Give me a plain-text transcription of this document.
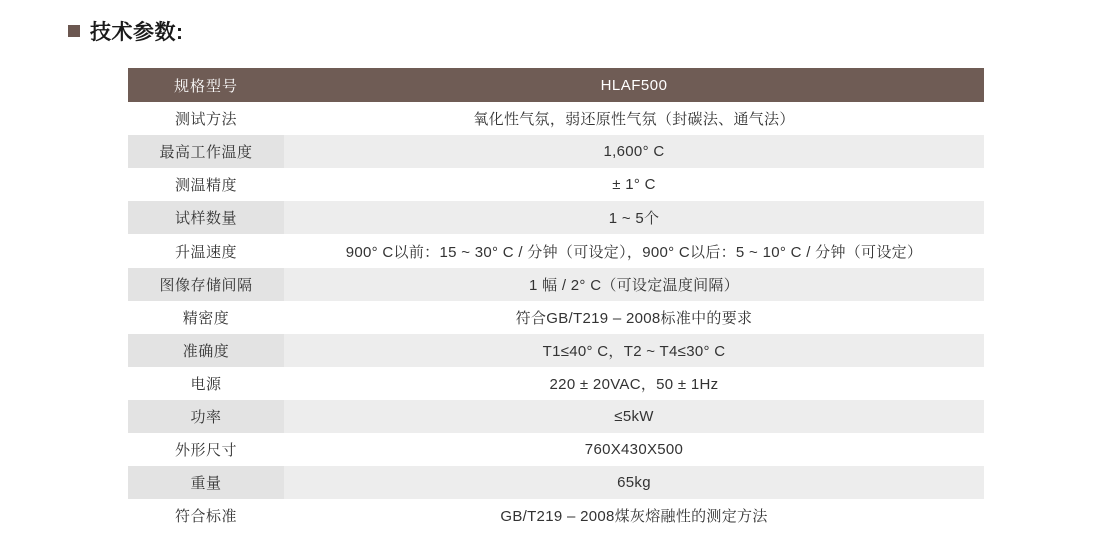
技术参数:
规格型号	HLAF500
测试方法	氧化性气氛，弱还原性气氛（封碳法、通气法）
最高工作温度	1,600° C
测温精度	± 1° C
试样数量	1 ~ 5个
升温速度	900° C以前：15 ~ 30° C / 分钟（可设定），900° C以后：5 ~ 10° C / 分钟（可设定）
图像存储间隔	1 幅 / 2° C（可设定温度间隔）
精密度	符合GB/T219 – 2008标准中的要求
准确度	T1≤40° C，T2 ~ T4≤30° C
电源	220 ± 20VAC，50 ± 1Hz
功率	≤5kW
外形尺寸	760X430X500
重量	65kg
符合标准	GB/T219 – 2008煤灰熔融性的测定方法
